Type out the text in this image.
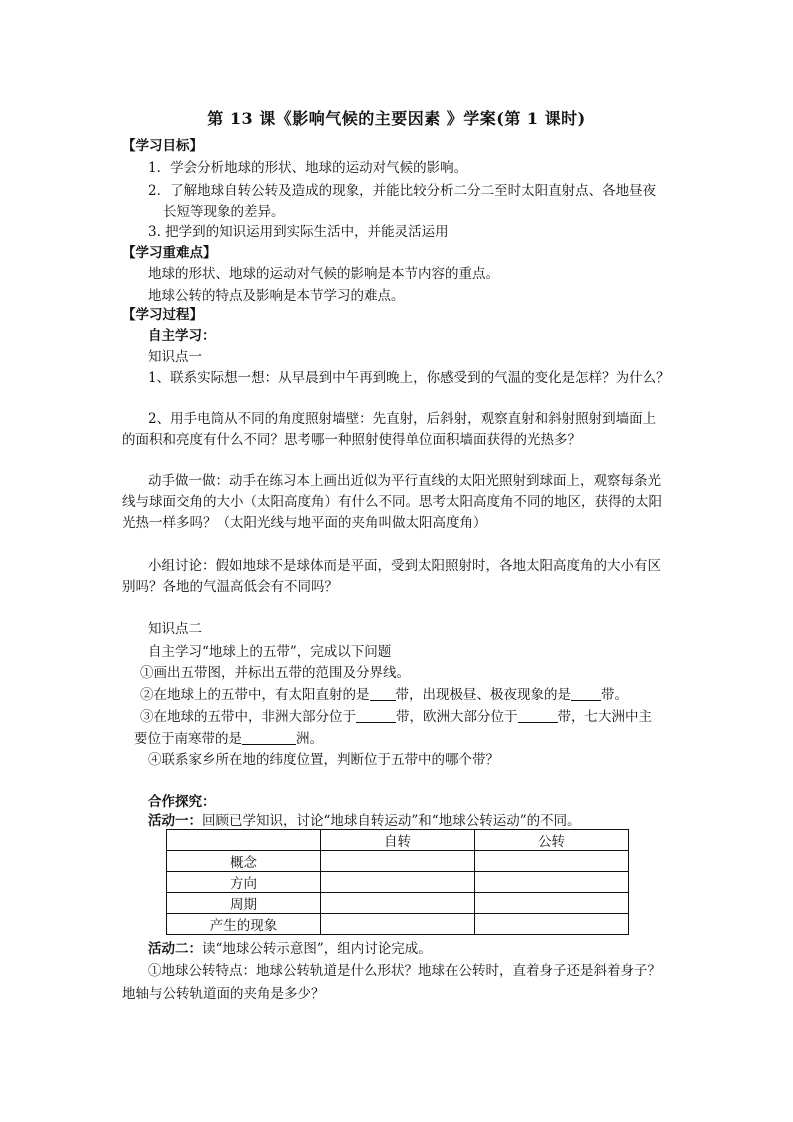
第 13 课《影响气候的主要因素 》学案(第 1 课时)
【学习目标】
1．学会分析地球的形状、地球的运动对气候的影响。
2．了解地球自转公转及造成的现象，并能比较分析二分二至时太阳直射点、各地昼夜
长短等现象的差异。
3. 把学到的知识运用到实际生活中，并能灵活运用
【学习重难点】
地球的形状、地球的运动对气候的影响是本节内容的重点。
地球公转的特点及影响是本节学习的难点。
【学习过程】
自主学习：
知识点一
1、联系实际想一想：从早晨到中午再到晚上，你感受到的气温的变化是怎样？为什么？
2、用手电筒从不同的角度照射墙壁：先直射，后斜射，观察直射和斜射照射到墙面上
的面积和亮度有什么不同？思考哪一种照射使得单位面积墙面获得的光热多？
动手做一做：动手在练习本上画出近似为平行直线的太阳光照射到球面上，观察每条光
线与球面交角的大小（太阳高度角）有什么不同。思考太阳高度角不同的地区，获得的太阳
光热一样多吗？（太阳光线与地平面的夹角叫做太阳高度角）
小组讨论：假如地球不是球体而是平面，受到太阳照射时，各地太阳高度角的大小有区
别吗？各地的气温高低会有不同吗？
知识点二
自主学习“地球上的五带”，完成以下问题
①画出五带图，并标出五带的范围及分界线。
②在地球上的五带中，有太阳直射的是 带，出现极昼、极夜现象的是 带。
③在地球的五带中，非洲大部分位于	带，欧洲大部分位于	带，七大洲中主
要位于南寒带的是	洲。
④联系家乡所在地的纬度位置，判断位于五带中的哪个带？
合作探究：
活动一：回顾已学知识，讨论“地球自转运动”和“地球公转运动”的不同。
	自转	公转
概念		
方向		
周期		
产生的现象		
活动二：读“地球公转示意图”，组内讨论完成。
①地球公转特点：地球公转轨道是什么形状？地球在公转时，直着身子还是斜着身子？
地轴与公转轨道面的夹角是多少？
